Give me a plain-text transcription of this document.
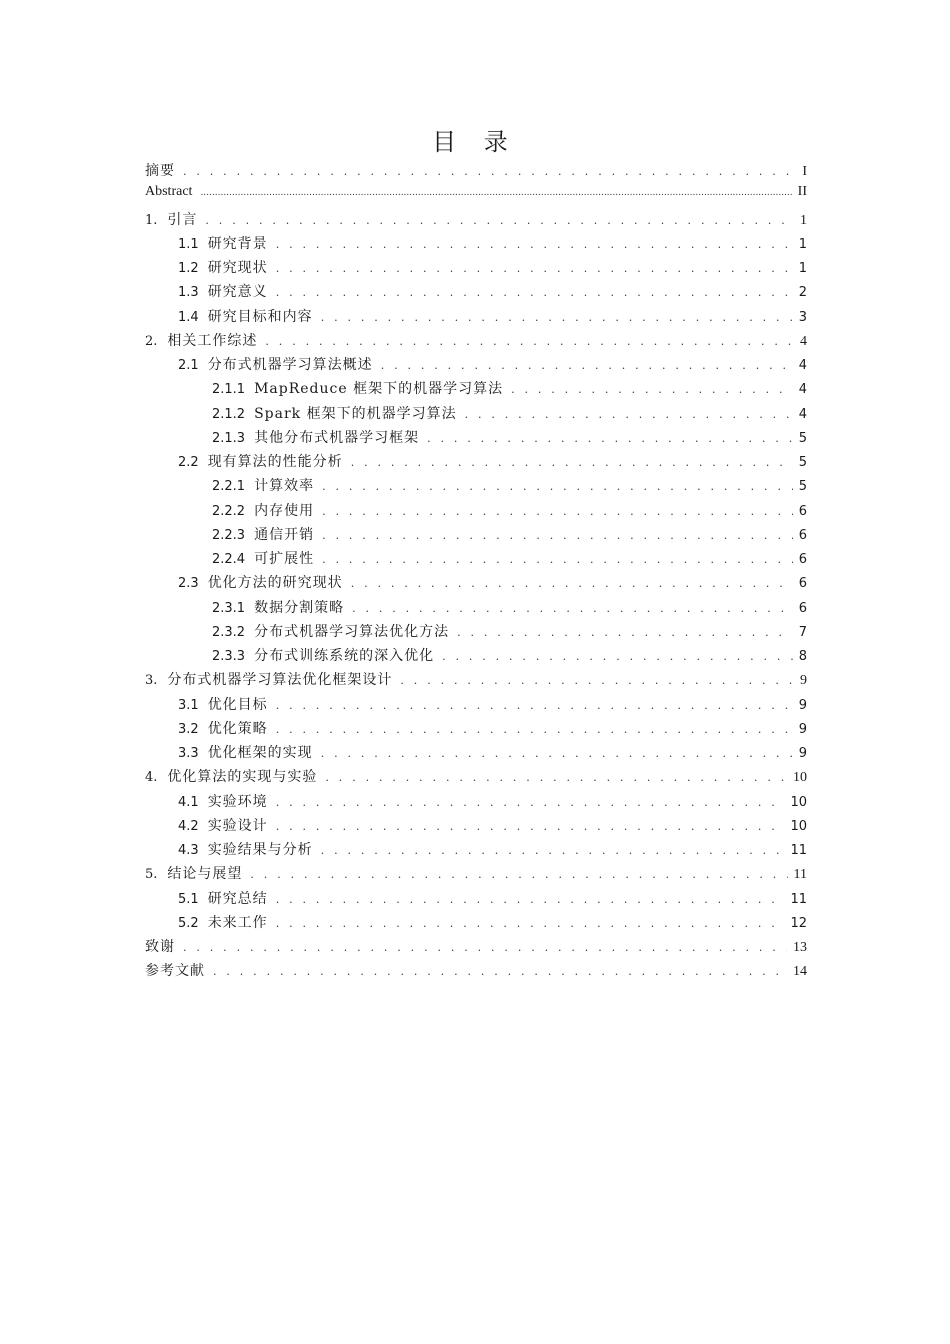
目 录
摘要 . . .	I
Abstract .....	II
1. 引言 . . .	1
1.1 研究背景 . . .	1
1.2 研究现状 . . .	1
1.3 研究意义 . . .	2
1.4 研究目标和内容 . . .	3
2. 相关工作综述 . . .	4
2.1 分布式机器学习算法概述 . . .	4
2.1.1 MapReduce 框架下的机器学习算法 . . .	4
2.1.2 Spark 框架下的机器学习算法 . . .	4
2.1.3 其他分布式机器学习框架 . . .	5
2.2 现有算法的性能分析 . . .	5
2.2.1 计算效率 . . .	5
2.2.2 内存使用 . . .	6
2.2.3 通信开销 . . .	6
2.2.4 可扩展性 . . .	6
2.3 优化方法的研究现状 . . .	6
2.3.1 数据分割策略 . . .	6
2.3.2 分布式机器学习算法优化方法 . . .	7
2.3.3 分布式训练系统的深入优化 . . .	8
3. 分布式机器学习算法优化框架设计 . . .	9
3.1 优化目标 . . .	9
3.2 优化策略 . . .	9
3.3 优化框架的实现 . . .	9
4. 优化算法的实现与实验 . . .	10
4.1 实验环境 . . .	10
4.2 实验设计 . . .	10
4.3 实验结果与分析 . . .	11
5. 结论与展望 . . .	11
5.1 研究总结 . . .	11
5.2 未来工作 . . .	12
致谢 . . .	13
参考文献 . . .	14
